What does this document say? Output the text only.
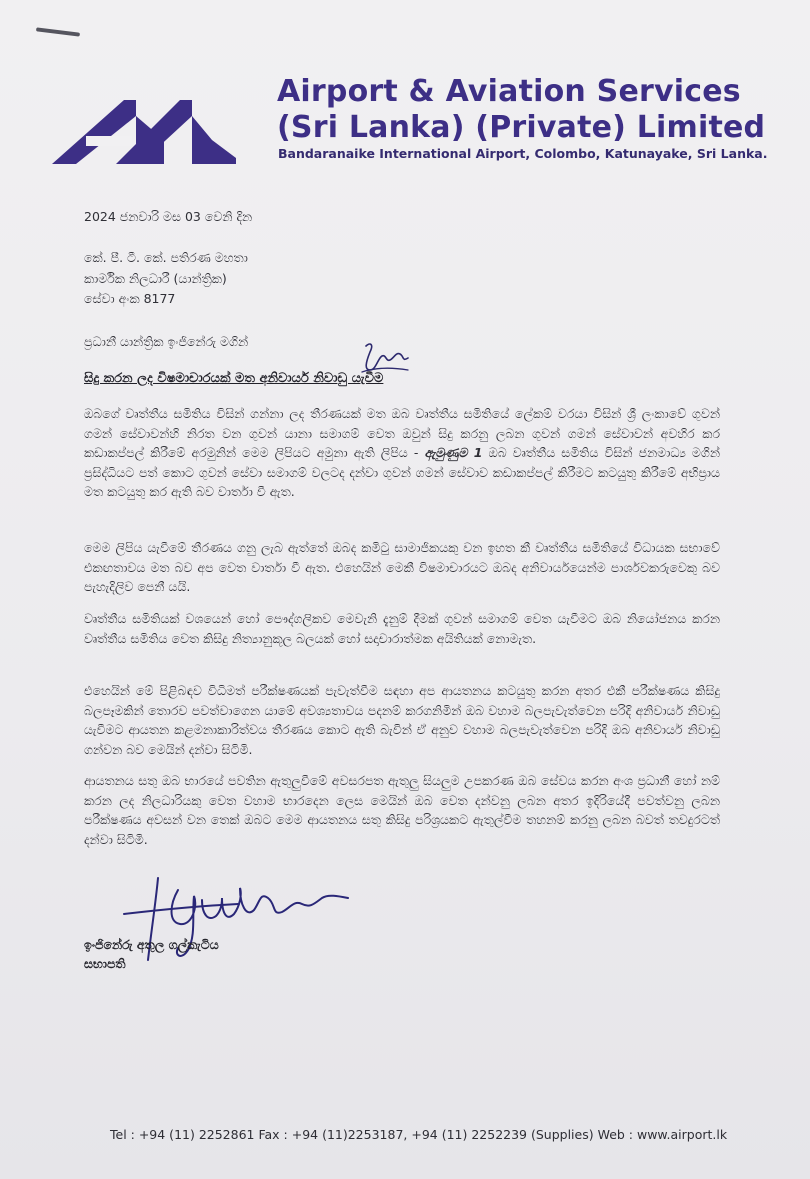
Airport & Aviation Services
(Sri Lanka) (Private) Limited
Bandaranaike International Airport, Colombo, Katunayake, Sri Lanka.
2024 ජනවාරි මස 03 වෙනි දින
කේ. පී. ටී. කේ. පතිරණ මහතා
කාර්මික නිලධාරී (යාන්ත්‍රික)
සේවා අංක 8177
ප්‍රධානී යාන්ත්‍රික ඉංජිනේරු මගින්
සිදු කරන ලද විෂමාචාරයක් මත අනිවාර්ය නිවාඩු යැවීම

ඔබගේ වෘත්තීය සමිතිය විසින් ගන්නා ලද තීරණයක් මත ඔබ වෘත්තීය සමිතියේ ලේකම් වරයා විසින් ශ්‍රී ලංකාවේ ගුවන් ගමන් සේවාවන්හි නිරත වන ගුවන් යානා සමාගම් වෙත ඔවුන් සිදු කරනු ලබන ගුවන් ගමන් සේවාවන් අවහිර කර කඩාකප්පල් කිරීමේ අරමුනින් මෙම ලිපියට අමුනා ඇති ලිපිය - ඇමුණුම 1 ඔබ වෘත්තීය සමිතිය විසින් ජනමාධ්‍ය මගින් ප්‍රසිද්ධියට පත් කොට ගුවන් සේවා සමාගම් වලටද දන්වා ගුවන් ගමන් සේවාව කඩාකප්පල් කිරීමට කටයුතු කිරීමේ අභිප්‍රාය මත කටයුතු කර ඇති බව වාර්තා වී ඇත.

මෙම ලිපිය යැවීමේ තීරණය ගනු ලැබ ඇත්තේ ඔබද කමිටු සාමාජිකයකු වන ඉහත කී වෘත්තීය සමිතියේ විධායක සභාවේ එකඟතාවය මත බව අප වෙත වාර්තා වී ඇත. එහෙයින් මෙකී විෂමාචාරයට ඔබද අනිවාර්යයෙන්ම පාර්ශවකරුවෙකු බව පැහැදිලිව පෙනී යයි.

වෘත්තීය සමිතියක් වශයෙන් හෝ පෞද්ගලිකව මෙවැනි දැනුම් දීමක් ගුවන් සමාගම් වෙත යැවීමට ඔබ නියෝජනය කරන වෘත්තීය සමිතිය වෙත කිසිදු නිත්‍යානුකූල බලයක් හෝ සදාචාරාත්මක අයිතියක් නොමැත.

එහෙයින් මේ පිළිබඳව විධිමත් පරීක්ෂණයක් පැවැත්වීම සඳහා අප ආයතනය කටයුතු කරන අතර එකී පරීක්ෂණය කිසිදු බලපෑමකින් තොරව පවත්වාගෙන යාමේ අවශ්‍යතාවය පදනම් කරගනිමින් ඔබ වහාම බලපැවැත්වෙන පරිදි අනිවාර්ය නිවාඩු යැවීමට ආයතන කළමනාකාරිත්වය තීරණය කොට ඇති බැවින් ඒ අනුව වහාම බලපැවැත්වෙන පරිදි ඔබ අනිවාර්ය නිවාඩු ගන්වන බව මෙයින් දන්වා සිටිමි.

ආයතනය සතු ඔබ භාරයේ පවතින ඇතුලුවීමේ අවසරපත ඇතුලු සියලුම උපකරණ ඔබ සේවය කරන අංශ ප්‍රධානී හෝ නම් කරන ලද නිලධාරියකු වෙත වහාම භාරදෙන ලෙස මෙයින් ඔබ වෙත දන්වනු ලබන අතර ඉදිරියේදී පවත්වනු ලබන පරීක්ෂණය අවසන් වන තෙක් ඔබට මෙම ආයතනය සතු කිසිදු පරිශ්‍රයකට ඇතුල්වීම තහනම් කරනු ලබන බවත් තවදුරටත් දන්වා සිටිමි.

ඉංජිනේරු අතුල ගල්කැටිය
සභාපති
Tel : +94 (11) 2252861 Fax : +94 (11)2253187, +94 (11) 2252239 (Supplies) Web : www.airport.lk
